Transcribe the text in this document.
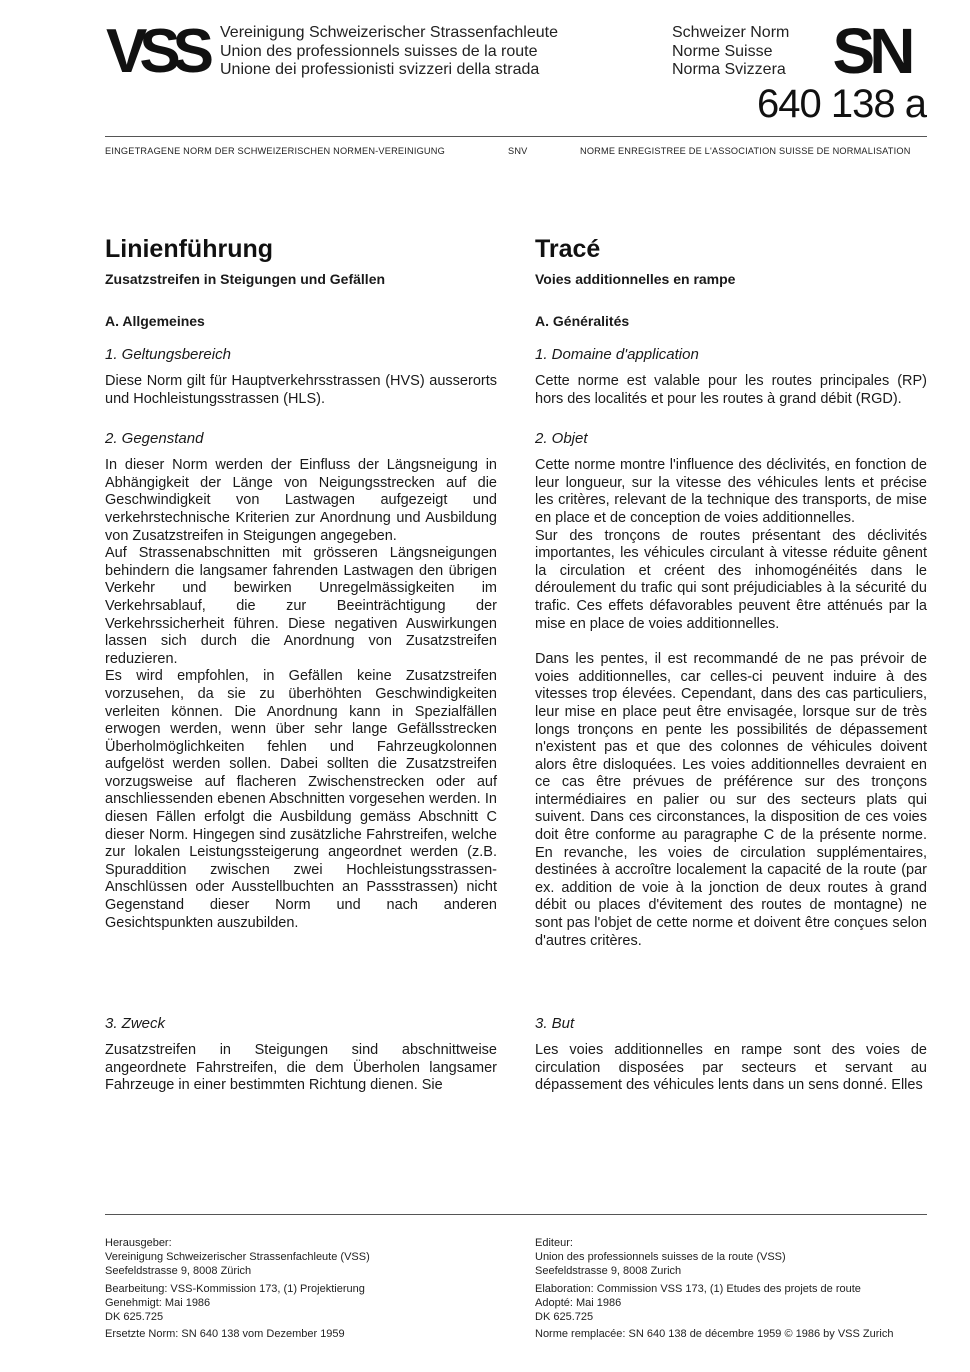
VSS Vereinigung Schweizerischer Strassenfachleute
Union des professionnels suisses de la route
Unione dei professionisti svizzeri della strada
Schweizer Norm
Norme Suisse
Norma Svizzera SN
640 138 a
EINGETRAGENE NORM DER SCHWEIZERISCHEN NORMEN-VEREINIGUNG	SNV	NORME ENREGISTREE DE L'ASSOCIATION SUISSE DE NORMALISATION
Linienführung
Zusatzstreifen in Steigungen und Gefällen
A. Allgemeines
1. Geltungsbereich
Diese Norm gilt für Hauptverkehrsstrassen (HVS) ausserorts und Hochleistungsstrassen (HLS).
2. Gegenstand
In dieser Norm werden der Einfluss der Längsneigung in Abhängigkeit der Länge von Neigungsstrecken auf die Geschwindigkeit von Lastwagen aufgezeigt und verkehrstechnische Kriterien zur Anordnung und Ausbildung von Zusatzstreifen in Steigungen angegeben.
Auf Strassenabschnitten mit grösseren Längsneigungen behindern die langsamer fahrenden Lastwagen den übrigen Verkehr und bewirken Unregelmässigkeiten im Verkehrsablauf, die zur Beeinträchtigung der Verkehrssicherheit führen. Diese negativen Auswirkungen lassen sich durch die Anordnung von Zusatzstreifen reduzieren.
Es wird empfohlen, in Gefällen keine Zusatzstreifen vorzusehen, da sie zu überhöhten Geschwindigkeiten verleiten können. Die Anordnung kann in Spezialfällen erwogen werden, wenn über sehr lange Gefällsstrecken Überholmöglichkeiten fehlen und Fahrzeugkolonnen aufgelöst werden sollen. Dabei sollten die Zusatzstreifen vorzugsweise auf flacheren Zwischenstrecken oder auf anschliessenden ebenen Abschnitten vorgesehen werden. In diesen Fällen erfolgt die Ausbildung gemäss Abschnitt C dieser Norm. Hingegen sind zusätzliche Fahrstreifen, welche zur lokalen Leistungssteigerung angeordnet werden (z.B. Spuraddition zwischen zwei Hochleistungsstrassen-Anschlüssen oder Ausstellbuchten an Passstrassen) nicht Gegenstand dieser Norm und nach anderen Gesichtspunkten auszubilden.
3. Zweck
Zusatzstreifen in Steigungen sind abschnittweise angeordnete Fahrstreifen, die dem Überholen langsamer Fahrzeuge in einer bestimmten Richtung dienen. Sie
Tracé
Voies additionnelles en rampe
A. Généralités
1. Domaine d'application
Cette norme est valable pour les routes principales (RP) hors des localités et pour les routes à grand débit (RGD).
2. Objet
Cette norme montre l'influence des déclivités, en fonction de leur longueur, sur la vitesse des véhicules lents et précise les critères, relevant de la technique des transports, de mise en place et de conception de voies additionnelles.
Sur des tronçons de routes présentant des déclivités importantes, les véhicules circulant à vitesse réduite gênent la circulation et créent des inhomogénéités dans le déroulement du trafic qui sont préjudiciables à la sécurité du trafic. Ces effets défavorables peuvent être atténués par la mise en place de voies additionnelles.
Dans les pentes, il est recommandé de ne pas prévoir de voies additionnelles, car celles-ci peuvent induire à des vitesses trop élevées. Cependant, dans des cas particuliers, leur mise en place peut être envisagée, lorsque sur de très longs tronçons en pente les possibilités de dépassement n'existent pas et que des colonnes de véhicules doivent alors être disloquées. Les voies additionnelles devraient en ce cas être prévues de préférence sur des tronçons intermédiaires en palier ou sur des secteurs plats qui suivent. Dans ces circonstances, la disposition de ces voies doit être conforme au paragraphe C de la présente norme. En revanche, les voies de circulation supplémentaires, destinées à accroître localement la capacité de la route (par ex. addition de voie à la jonction de deux routes à grand débit ou places d'évitement des routes de montagne) ne sont pas l'objet de cette norme et doivent être conçues selon d'autres critères.
3. But
Les voies additionnelles en rampe sont des voies de circulation disposées par secteurs et servant au dépassement des véhicules lents dans un sens donné. Elles
Herausgeber:
Vereinigung Schweizerischer Strassenfachleute (VSS)
Seefeldstrasse 9, 8008 Zürich
Bearbeitung: VSS-Kommission 173, (1) Projektierung
Genehmigt: Mai 1986
DK 625.725
Ersetzte Norm: SN 640 138 vom Dezember 1959
Editeur:
Union des professionnels suisses de la route (VSS)
Seefeldstrasse 9, 8008 Zurich
Elaboration: Commission VSS 173, (1) Etudes des projets de route
Adopté: Mai 1986
DK 625.725
Norme remplacée: SN 640 138 de décembre 1959 © 1986 by VSS Zurich
